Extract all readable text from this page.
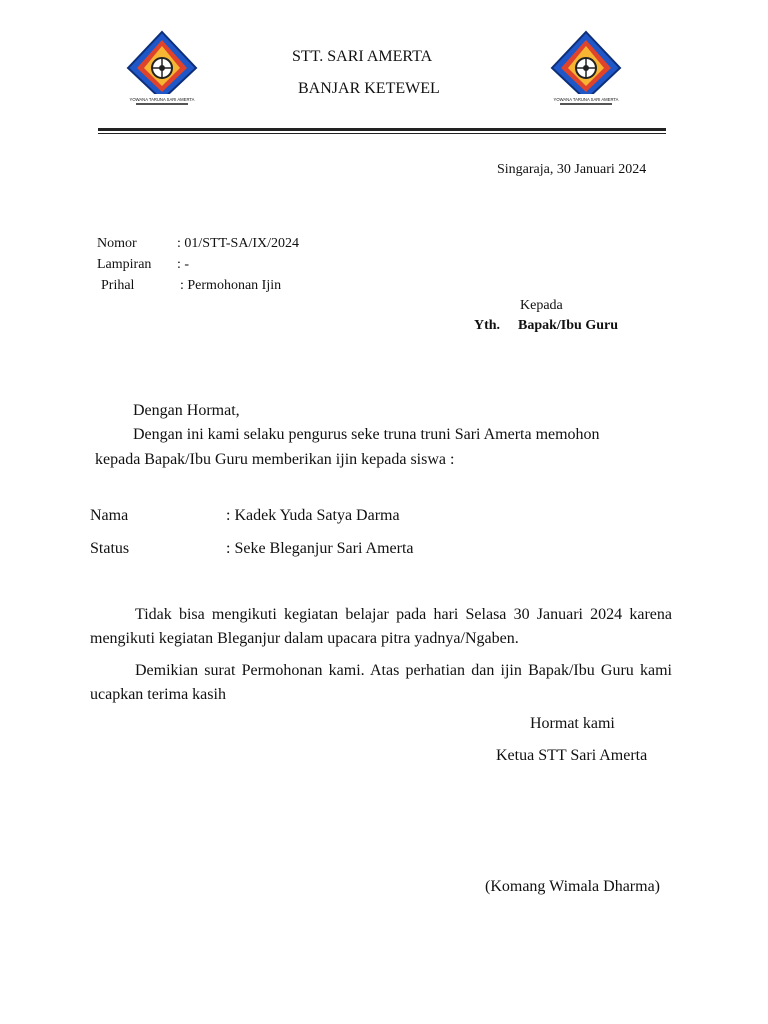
YOWANA TARUNA SARI AMERTA	YOWANA TARUNA SARI AMERTA
STT. SARI AMERTA
BANJAR KETEWEL
Singaraja, 30 Januari 2024
Nomor	: 01/STT-SA/IX/2024
Lampiran : -
Prihal	: Permohonan Ijin
Kepada
Yth. Bapak/Ibu Guru
Dengan Hormat,
Dengan ini kami selaku pengurus seke truna truni Sari Amerta memohon
kepada Bapak/Ibu Guru memberikan ijin kepada siswa :
Nama	: Kadek Yuda Satya Darma
Status	: Seke Bleganjur Sari Amerta
Tidak bisa mengikuti kegiatan belajar pada hari Selasa 30 Januari 2024 karena mengikuti kegiatan Bleganjur dalam upacara pitra yadnya/Ngaben.
Demikian surat Permohonan kami. Atas perhatian dan ijin Bapak/Ibu Guru kami ucapkan terima kasih
Hormat kami
Ketua STT Sari Amerta
(Komang Wimala Dharma)
